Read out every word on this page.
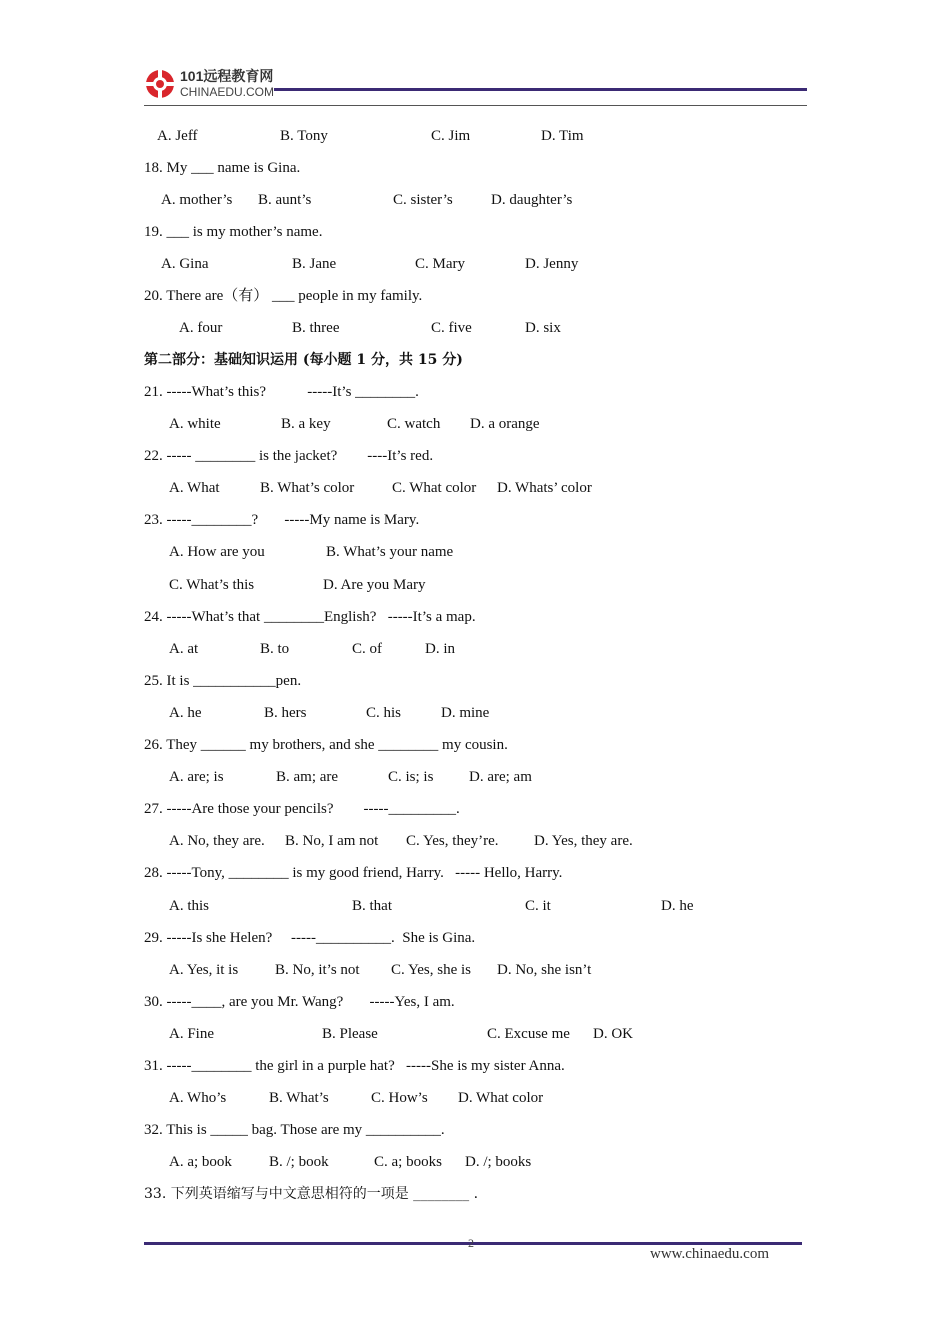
101远程教育网
CHINAEDU.COM
A. Jeff	B. Tony	C. Jim	D. Tim
18. My ___ name is Gina.
A. mother’s B. aunt’s	C. sister’s	D. daughter’s
19. ___ is my mother’s name.
A. Gina	B. Jane	C. Mary	D. Jenny
20. There are（有） ___ people in my family.
A. four	B. three	C. five	D. six
第二部分：基础知识运用 (每小题 1 分，共 15 分)
21. -----What’s this?           -----It’s ________.
A. white	B. a key	C. watch D. a orange
22. ----- ________ is the jacket?        ----It’s red.
A. What	B. What’s color	C. What color D. Whats’ color
23. -----________?       -----My name is Mary.
A. How are you	B. What’s your name
C. What’s this	D. Are you Mary
24. -----What’s that ________English?   -----It’s a map.
A. at	B. to	C. of	D. in
25. It is ___________pen.
A. he	B. hers	C. his	D. mine
26. They ______ my brothers, and she ________ my cousin.
A. are; is	B. am; are	C. is; is D. are; am
27. -----Are those your pencils?        -----_________.
A. No, they are. B. No, I am not C. Yes, they’re. D. Yes, they are.
28. -----Tony, ________ is my good friend, Harry.   ----- Hello, Harry.
A. this	B. that	C. it	D. he
29. -----Is she Helen?     -----__________.  She is Gina.
A. Yes, it is B. No, it’s not C. Yes, she is D. No, she isn’t
30. -----____, are you Mr. Wang?       -----Yes, I am.
A. Fine	B. Please	C. Excuse me D. OK
31. -----________ the girl in a purple hat?   -----She is my sister Anna.
A. Who’s	B. What’s	C. How’s D. What color
32. This is _____ bag. Those are my __________.
A. a; book B. /; book	C. a; books D. /; books
33. 下列英语缩写与中文意思相符的一项是 ________ .
2
www.chinaedu.com
